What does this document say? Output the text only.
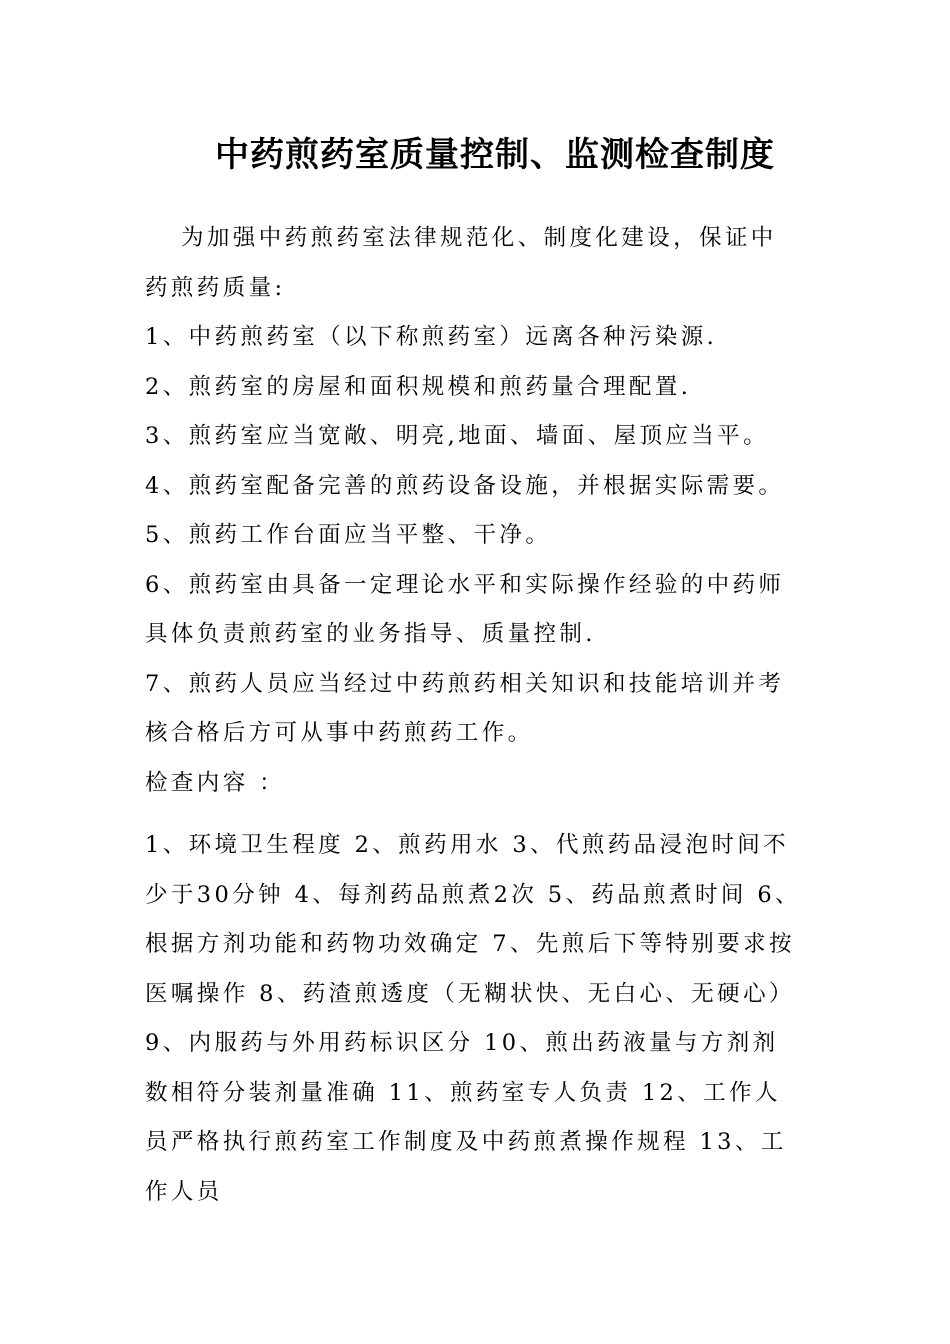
中药煎药室质量控制、监测检查制度

为加强中药煎药室法律规范化、制度化建设，保证中药煎药质量:

1、中药煎药室（以下称煎药室）远离各种污染源.

2、煎药室的房屋和面积规模和煎药量合理配置.

3、煎药室应当宽敞、明亮,地面、墙面、屋顶应当平。

4、煎药室配备完善的煎药设备设施，并根据实际需要。

5、煎药工作台面应当平整、干净。

6、煎药室由具备一定理论水平和实际操作经验的中药师具体负责煎药室的业务指导、质量控制.

7、煎药人员应当经过中药煎药相关知识和技能培训并考核合格后方可从事中药煎药工作。

检查内容 ：

1、环境卫生程度 2、煎药用水 3、代煎药品浸泡时间不少于30分钟 4、每剂药品煎煮2次 5、药品煎煮时间 6、根据方剂功能和药物功效确定 7、先煎后下等特别要求按医嘱操作 8、药渣煎透度（无糊状快、无白心、无硬心） 9、内服药与外用药标识区分 10、煎出药液量与方剂剂数相符分装剂量准确 11、煎药室专人负责 12、工作人员严格执行煎药室工作制度及中药煎煮操作规程 13、工作人员
